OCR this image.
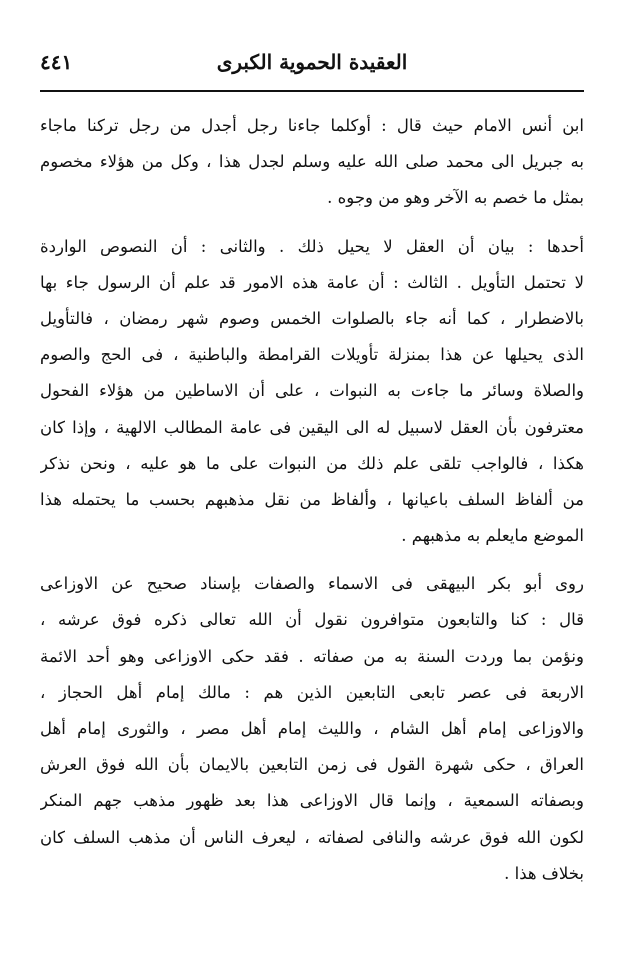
العقيدة الحموية الكبرى
٤٤١
ابن أنس الامام حيث قال : أوكلما جاءنا رجل أجدل من رجل تركنا ماجاء
به جبريل الى محمد صلى الله عليه وسلم لجدل هذا ، وكل من هؤلاء مخصوم
بمثل ما خصم به الآخر وهو من وجوه .
أحدها : بيان أن العقل لا يحيل ذلك . والثانى : أن النصوص الواردة
لا تحتمل التأويل . الثالث : أن عامة هذه الامور قد علم أن الرسول جاء بها
بالاضطرار ، كما أنه جاء بالصلوات الخمس وصوم شهر رمضان ، فالتأويل
الذى يحيلها عن هذا بمنزلة تأويلات القرامطة والباطنية ، فى الحج والصوم
والصلاة وسائر ما جاءت به النبوات ، على أن الاساطين من هؤلاء الفحول
معترفون بأن العقل لاسبيل له الى اليقين فى عامة المطالب الالهية ، وإذا كان
هكذا ، فالواجب تلقى علم ذلك من النبوات على ما هو عليه ، ونحن نذكر
من ألفاظ السلف باعيانها ، وألفاظ من نقل مذهبهم بحسب ما يحتمله هذا
الموضع مايعلم به مذهبهم .
روى أبو بكر البيهقى فى الاسماء والصفات بإسناد صحيح عن الاوزاعى
قال : كنا والتابعون متوافرون نقول أن الله تعالى ذكره فوق عرشه ،
ونؤمن بما وردت السنة به من صفاته . فقد حكى الاوزاعى وهو أحد الائمة
الاربعة فى عصر تابعى التابعين الذين هم : مالك إمام أهل الحجاز ،
والاوزاعى إمام أهل الشام ، والليث إمام أهل مصر ، والثورى إمام أهل
العراق ، حكى شهرة القول فى زمن التابعين بالايمان بأن الله فوق العرش
وبصفاته السمعية ، وإنما قال الاوزاعى هذا بعد ظهور مذهب جهم المنكر
لكون الله فوق عرشه والنافى لصفاته ، ليعرف الناس أن مذهب السلف كان
بخلاف هذا .
